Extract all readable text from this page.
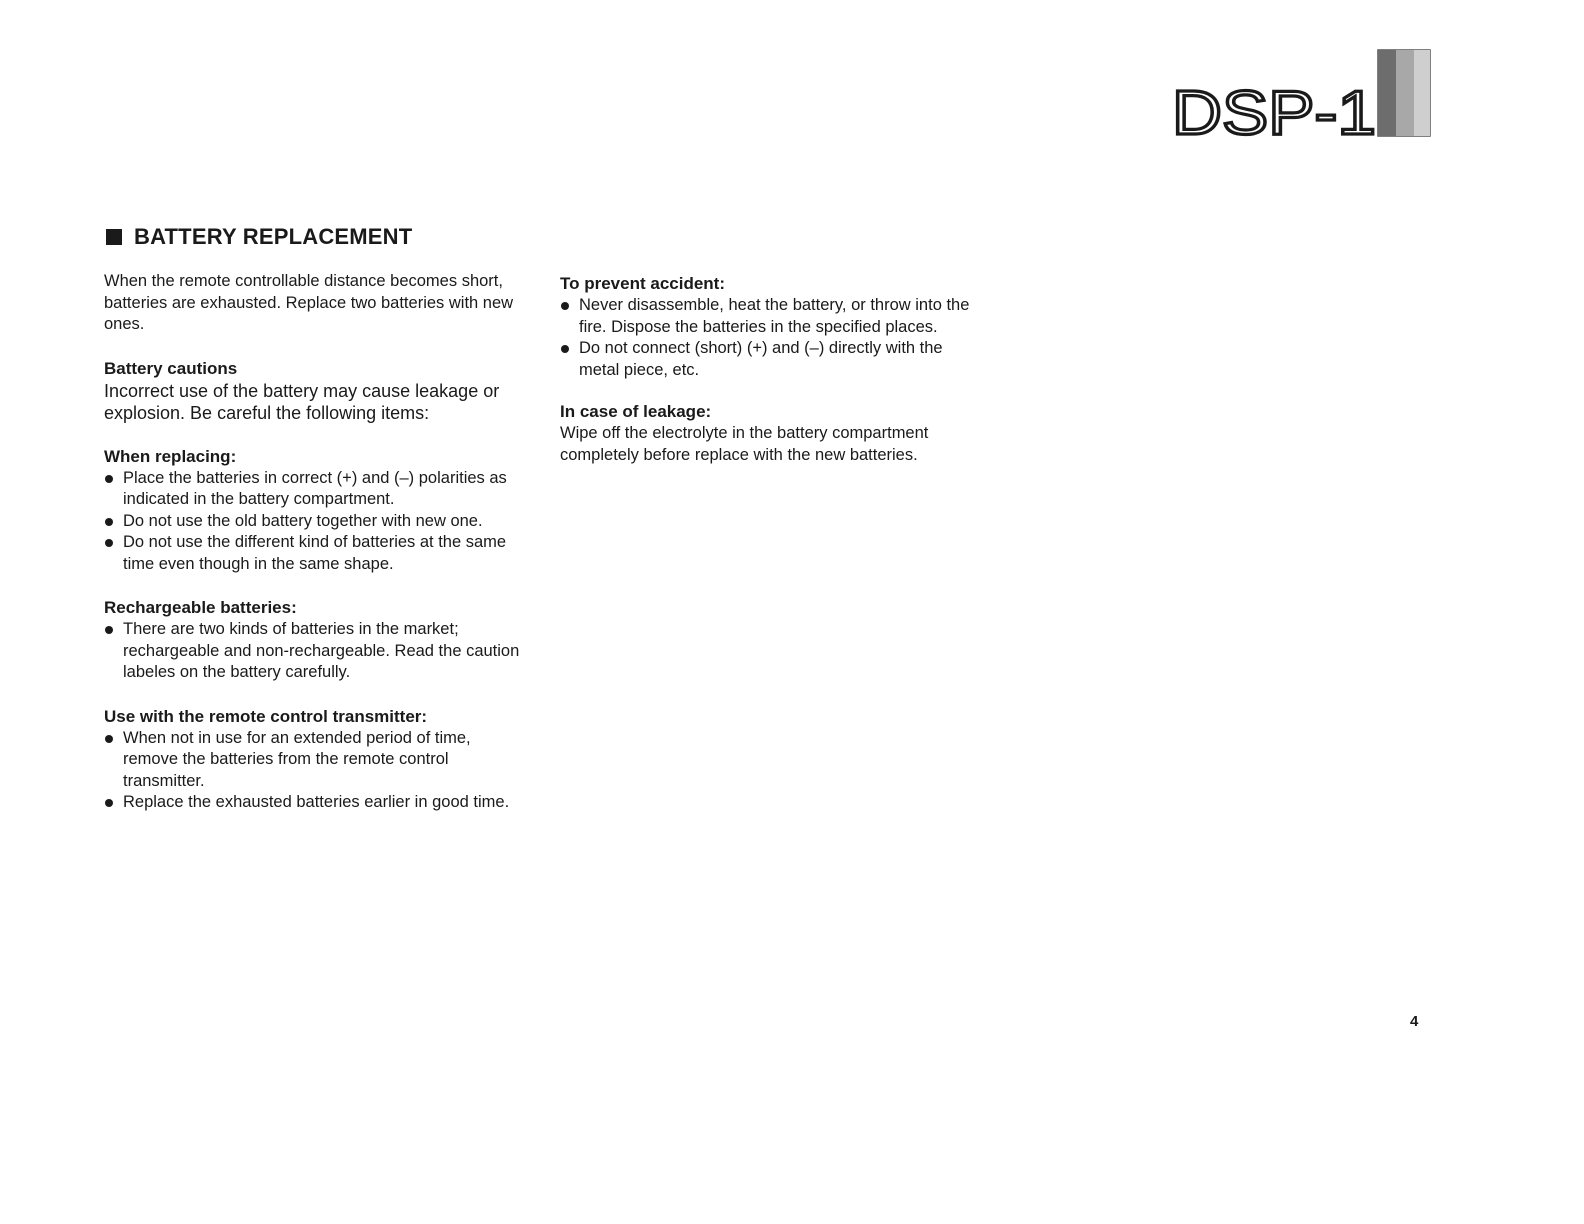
DSP-1
BATTERY REPLACEMENT

When the remote controllable distance becomes short, batteries are exhausted. Replace two batteries with new ones.

Battery cautions

Incorrect use of the battery may cause leakage or explosion. Be careful the following items:

When replacing:

Place the batteries in correct (+) and (–) polarities as indicated in the battery compartment.
Do not use the old battery together with new one.
Do not use the different kind of batteries at the same time even though in the same shape.

Rechargeable batteries:

There are two kinds of batteries in the market; rechargeable and non-rechargeable. Read the caution labeles on the battery carefully.

Use with the remote control transmitter:

When not in use for an extended period of time, remove the batteries from the remote control transmitter.
Replace the exhausted batteries earlier in good time.

To prevent accident:

Never disassemble, heat the battery, or throw into the fire. Dispose the batteries in the specified places.
Do not connect (short) (+) and (–) directly with the metal piece, etc.

In case of leakage:

Wipe off the electrolyte in the battery compartment completely before replace with the new batteries.

4
